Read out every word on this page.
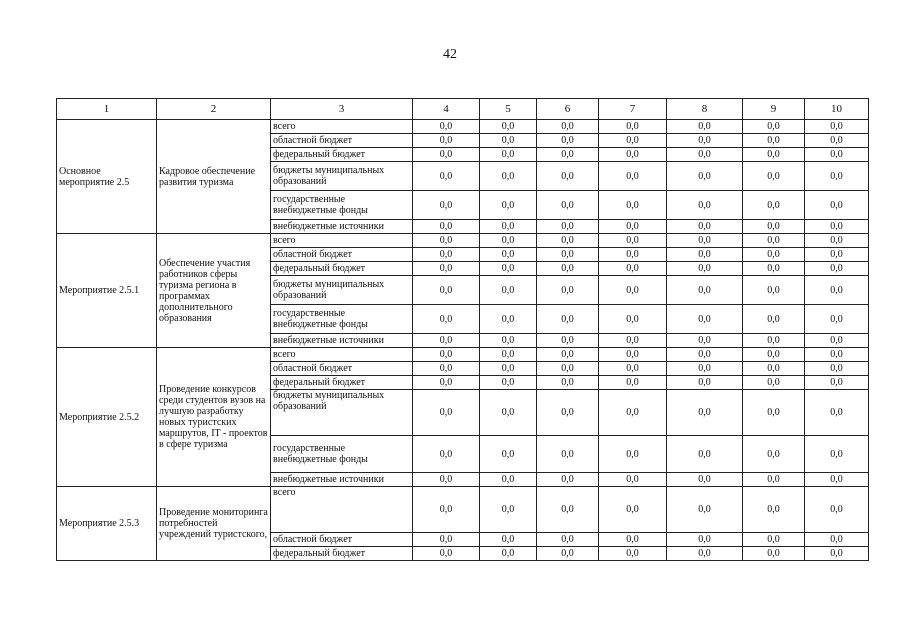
42
1	2	3	4	5	6	7	8	9	10
Основное мероприятие 2.5	Кадровое обеспечение развития туризма	всего	0,0	0,0	0,0	0,0	0,0	0,0	0,0
		областной бюджет	0,0	0,0	0,0	0,0	0,0	0,0	0,0
		федеральный бюджет	0,0	0,0	0,0	0,0	0,0	0,0	0,0
		бюджеты муниципальных образований	0,0	0,0	0,0	0,0	0,0	0,0	0,0
		государственные внебюджетные фонды	0,0	0,0	0,0	0,0	0,0	0,0	0,0
		внебюджетные источники	0,0	0,0	0,0	0,0	0,0	0,0	0,0
Мероприятие 2.5.1	Обеспечение участия работников сферы туризма региона в программах дополнительного образования	всего	0,0	0,0	0,0	0,0	0,0	0,0	0,0
		областной бюджет	0,0	0,0	0,0	0,0	0,0	0,0	0,0
		федеральный бюджет	0,0	0,0	0,0	0,0	0,0	0,0	0,0
		бюджеты муниципальных образований	0,0	0,0	0,0	0,0	0,0	0,0	0,0
		государственные внебюджетные фонды	0,0	0,0	0,0	0,0	0,0	0,0	0,0
		внебюджетные источники	0,0	0,0	0,0	0,0	0,0	0,0	0,0
Мероприятие 2.5.2	Проведение конкурсов среди студентов вузов на лучшую разработку новых туристских маршрутов, IT - проектов в сфере туризма	всего	0,0	0,0	0,0	0,0	0,0	0,0	0,0
		областной бюджет	0,0	0,0	0,0	0,0	0,0	0,0	0,0
		федеральный бюджет	0,0	0,0	0,0	0,0	0,0	0,0	0,0
		бюджеты муниципальных образований	0,0	0,0	0,0	0,0	0,0	0,0	0,0
		государственные внебюджетные фонды	0,0	0,0	0,0	0,0	0,0	0,0	0,0
		внебюджетные источники	0,0	0,0	0,0	0,0	0,0	0,0	0,0
Мероприятие 2.5.3	Проведение мониторинга потребностей учреждений туристского,	всего	0,0	0,0	0,0	0,0	0,0	0,0	0,0
		областной бюджет	0,0	0,0	0,0	0,0	0,0	0,0	0,0
		федеральный бюджет	0,0	0,0	0,0	0,0	0,0	0,0	0,0
